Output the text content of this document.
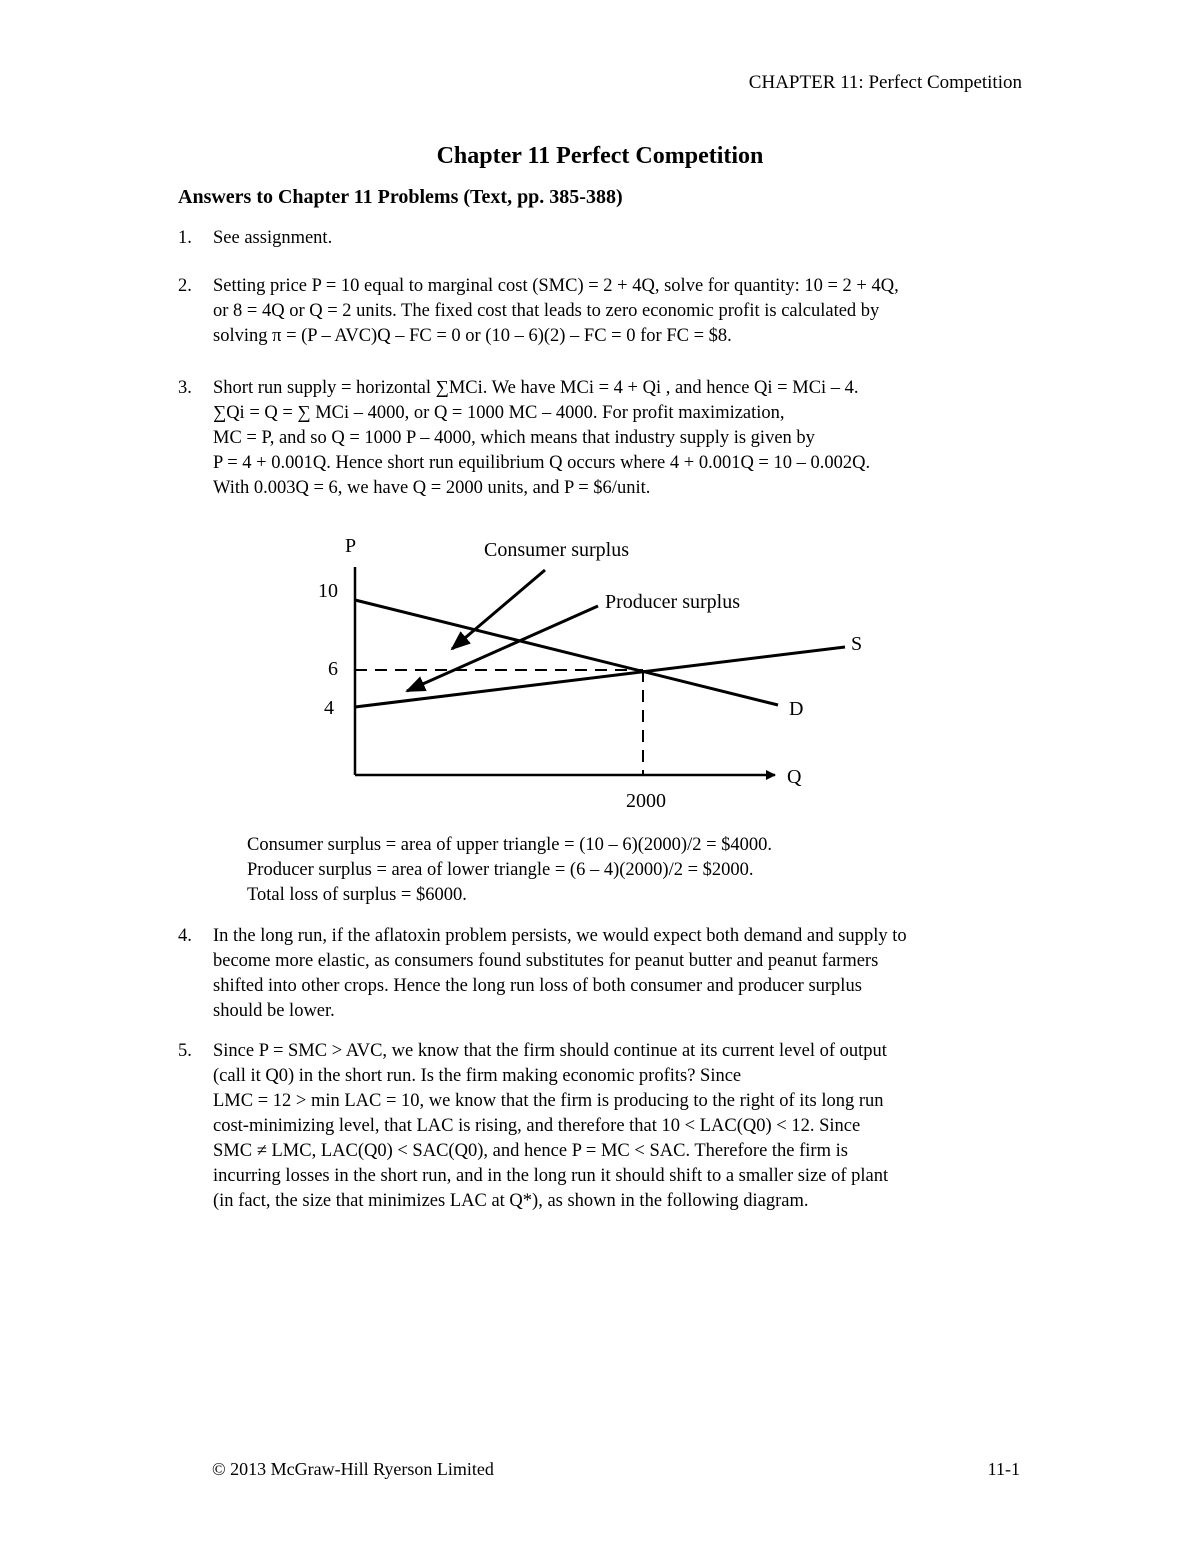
CHAPTER 11: Perfect Competition
Chapter 11 Perfect Competition
Answers to Chapter 11 Problems (Text, pp. 385-388)
1. See assignment.
2. Setting price P = 10 equal to marginal cost (SMC) = 2 + 4Q, solve for quantity: 10 = 2 + 4Q,
or 8 = 4Q or Q = 2 units. The fixed cost that leads to zero economic profit is calculated by
solving π = (P – AVC)Q – FC = 0 or (10 – 6)(2) – FC = 0 for FC = $8.
3. Short run supply = horizontal ∑MCi. We have MCi = 4 + Qi , and hence Qi = MCi – 4.
∑Qi = Q = ∑ MCi – 4000, or Q = 1000 MC – 4000. For profit maximization,
MC = P, and so Q = 1000 P – 4000, which means that industry supply is given by
P = 4 + 0.001Q. Hence short run equilibrium Q occurs where 4 + 0.001Q = 10 – 0.002Q.
With 0.003Q = 6, we have Q = 2000 units, and P = $6/unit.
P
Q
10
6
4
2000
S
D
Consumer surplus
Producer surplus
Consumer surplus = area of upper triangle = (10 – 6)(2000)/2 = $4000.
Producer surplus = area of lower triangle = (6 – 4)(2000)/2 = $2000.
Total loss of surplus = $6000.
4. In the long run, if the aflatoxin problem persists, we would expect both demand and supply to
become more elastic, as consumers found substitutes for peanut butter and peanut farmers
shifted into other crops. Hence the long run loss of both consumer and producer surplus
should be lower.
5. Since P = SMC > AVC, we know that the firm should continue at its current level of output
(call it Q0) in the short run. Is the firm making economic profits? Since
LMC = 12 > min LAC = 10, we know that the firm is producing to the right of its long run
cost-minimizing level, that LAC is rising, and therefore that 10 < LAC(Q0) < 12. Since
SMC ≠ LMC, LAC(Q0) < SAC(Q0), and hence P = MC < SAC. Therefore the firm is
incurring losses in the short run, and in the long run it should shift to a smaller size of plant
(in fact, the size that minimizes LAC at Q*), as shown in the following diagram.
© 2013 McGraw-Hill Ryerson Limited	11-1
